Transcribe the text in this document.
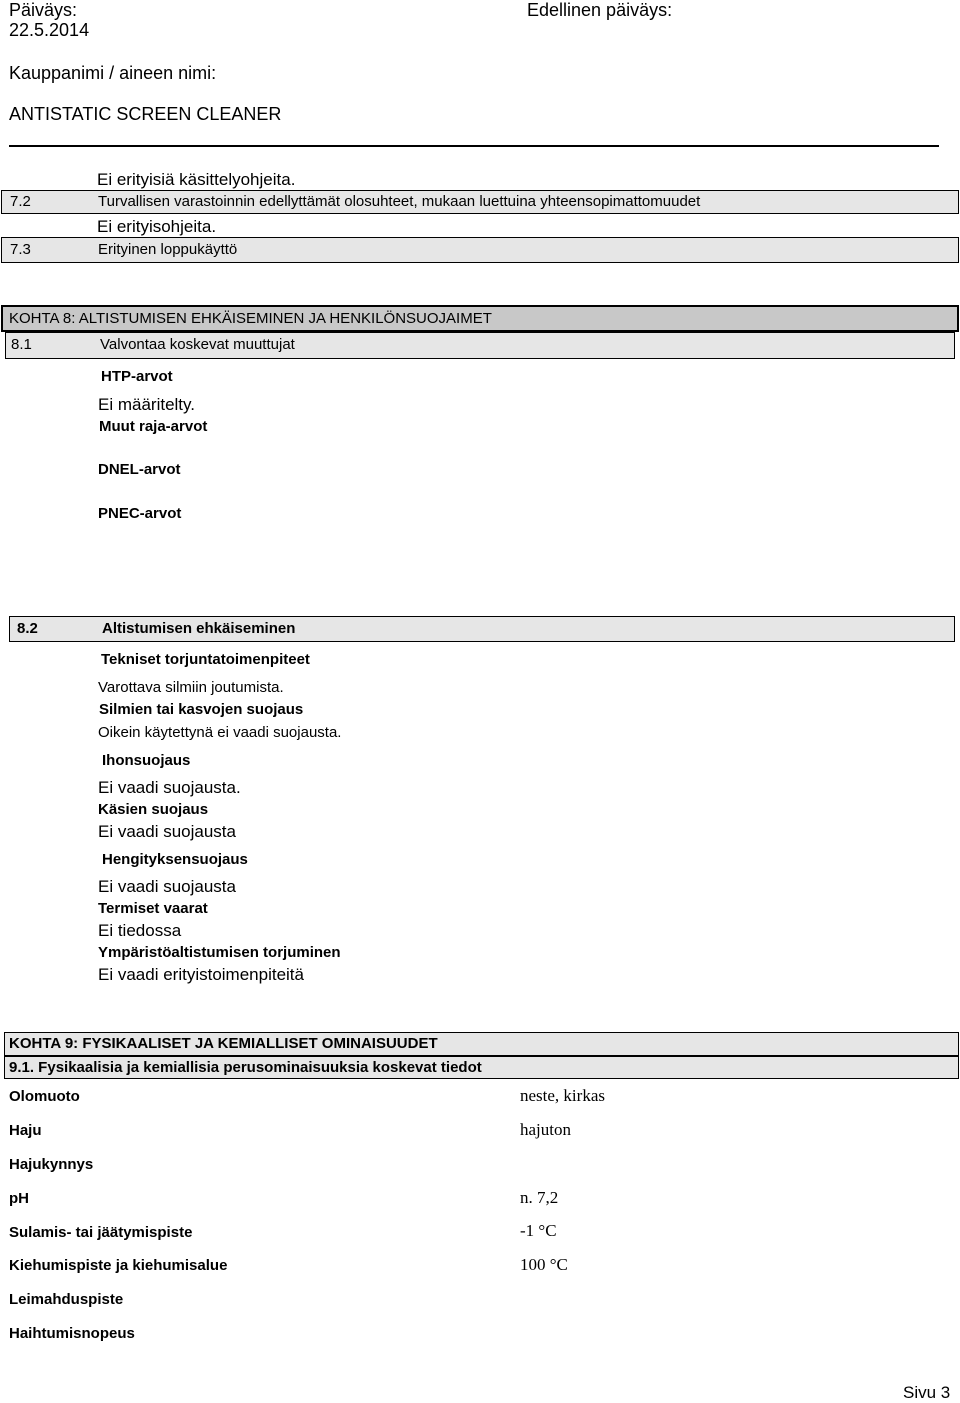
Päiväys:
22.5.2014
Edellinen päiväys:
Kauppanimi / aineen nimi:
ANTISTATIC SCREEN CLEANER
Ei erityisiä käsittelyohjeita.
7.2	Turvallisen varastoinnin edellyttämät olosuhteet, mukaan luettuina yhteensopimattomuudet
Ei erityisohjeita.
7.3	Erityinen loppukäyttö
KOHTA 8: ALTISTUMISEN EHKÄISEMINEN JA HENKILÖNSUOJAIMET
8.1	Valvontaa koskevat muuttujat
HTP-arvot
Ei määritelty.
Muut raja-arvot
DNEL-arvot
PNEC-arvot
8.2	Altistumisen ehkäiseminen
Tekniset torjuntatoimenpiteet
Varottava silmiin joutumista.
Silmien tai kasvojen suojaus
Oikein käytettynä ei vaadi suojausta.
Ihonsuojaus
Ei vaadi suojausta.
Käsien suojaus
Ei vaadi suojausta
Hengityksensuojaus
Ei vaadi suojausta
Termiset vaarat
Ei tiedossa
Ympäristöaltistumisen torjuminen
Ei vaadi erityistoimenpiteitä
KOHTA 9: FYSIKAALISET JA KEMIALLISET OMINAISUUDET
9.1. Fysikaalisia ja kemiallisia perusominaisuuksia koskevat tiedot
Olomuoto	neste, kirkas
Haju	hajuton
Hajukynnys
pH	n. 7,2
Sulamis- tai jäätymispiste	-1 °C
Kiehumispiste ja kiehumisalue	100 °C
Leimahduspiste
Haihtumisnopeus
Sivu 3
